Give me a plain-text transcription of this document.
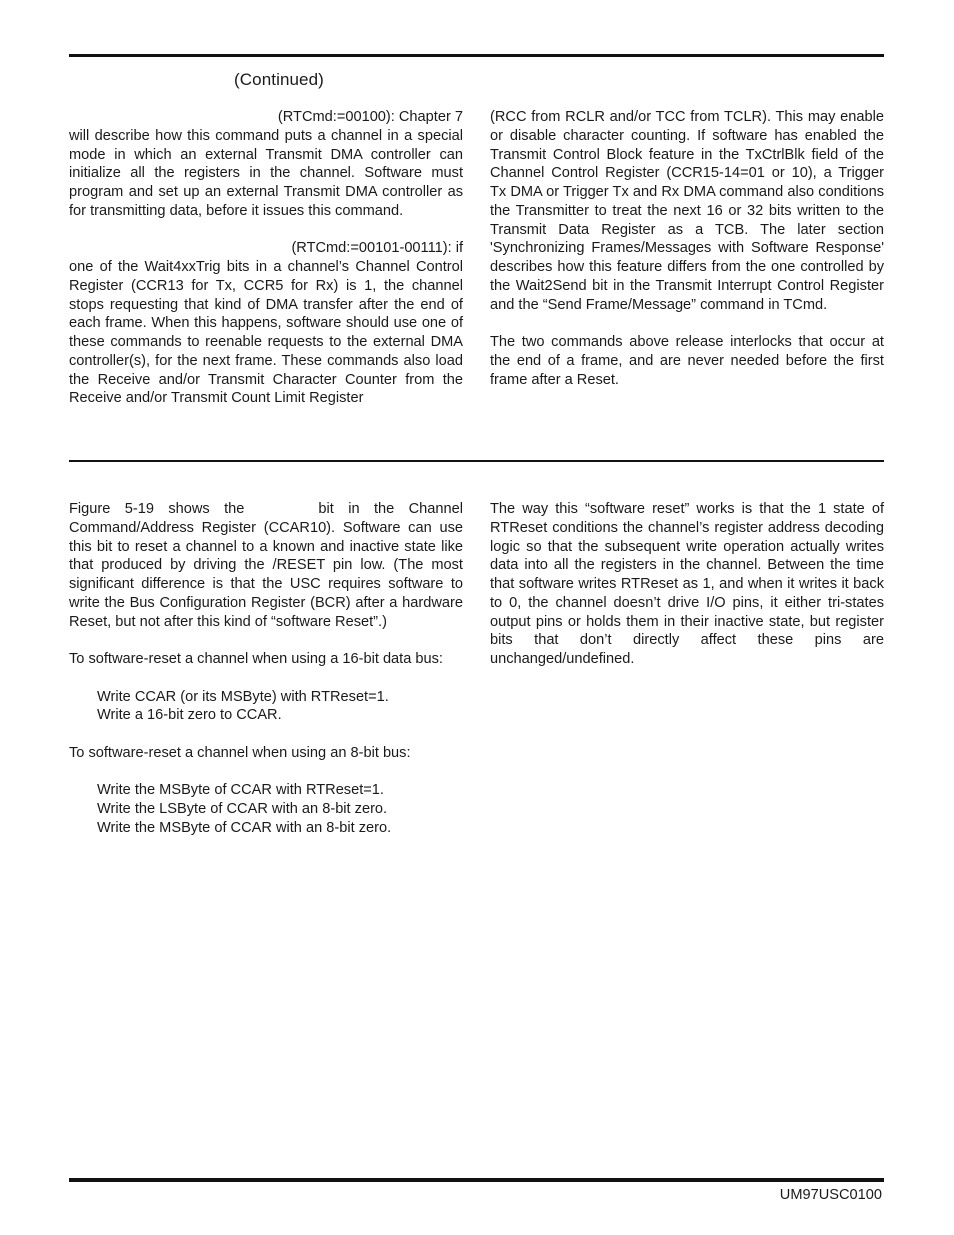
(Continued)

(RTCmd:=00100): Chapter 7
will describe how this command puts a channel in a special mode in which an external Transmit DMA controller can initialize all the registers in the channel. Software must program and set up an external Transmit DMA controller as for transmitting data, before it issues this command.

(RTCmd:=00101-00111): if
one of the Wait4xxTrig bits in a channel’s Channel Control Register (CCR13 for Tx, CCR5 for Rx) is 1, the channel stops requesting that kind of DMA transfer after the end of each frame. When this happens, software should use one of these commands to reenable requests to the external DMA controller(s), for the next frame. These commands also load the Receive and/or Transmit Character Counter from the Receive and/or Transmit Count Limit Register

(RCC from RCLR and/or TCC from TCLR). This may enable or disable character counting. If software has enabled the Transmit Control Block feature in the TxCtrlBlk field of the Channel Control Register (CCR15-14=01 or 10), a Trigger Tx DMA or Trigger Tx and Rx DMA command also conditions the Transmitter to treat the next 16 or 32 bits written to the Transmit Data Register as a TCB. The later section 'Synchronizing Frames/Messages with Software Response' describes how this feature differs from the one controlled by the Wait2Send bit in the Transmit Interrupt Control Register and the “Send Frame/Message” command in TCmd.

The two commands above release interlocks that occur at the end of a frame, and are never needed before the first frame after a Reset.

Figure 5-19 shows the	bit in the Channel Command/Address Register (CCAR10). Software can use this bit to reset a channel to a known and inactive state like that produced by driving the /RESET pin low. (The most significant difference is that the USC requires software to write the Bus Configuration Register (BCR) after a hardware Reset, but not after this kind of “software Reset”.)

To software-reset a channel when using a 16-bit data bus:

Write CCAR (or its MSByte) with RTReset=1.
Write a 16-bit zero to CCAR.

To software-reset a channel when using an 8-bit bus:

Write the MSByte of CCAR with RTReset=1.
Write the LSByte of CCAR with an 8-bit zero.
Write the MSByte of CCAR with an 8-bit zero.

The way this “software reset” works is that the 1 state of RTReset conditions the channel’s register address decoding logic so that the subsequent write operation actually writes data into all the registers in the channel. Between the time that software writes RTReset as 1, and when it writes it back to 0, the channel doesn’t drive I/O pins, it either tri-states output pins or holds them in their inactive state, but register bits that don’t directly affect these pins are unchanged/undefined.

UM97USC0100
